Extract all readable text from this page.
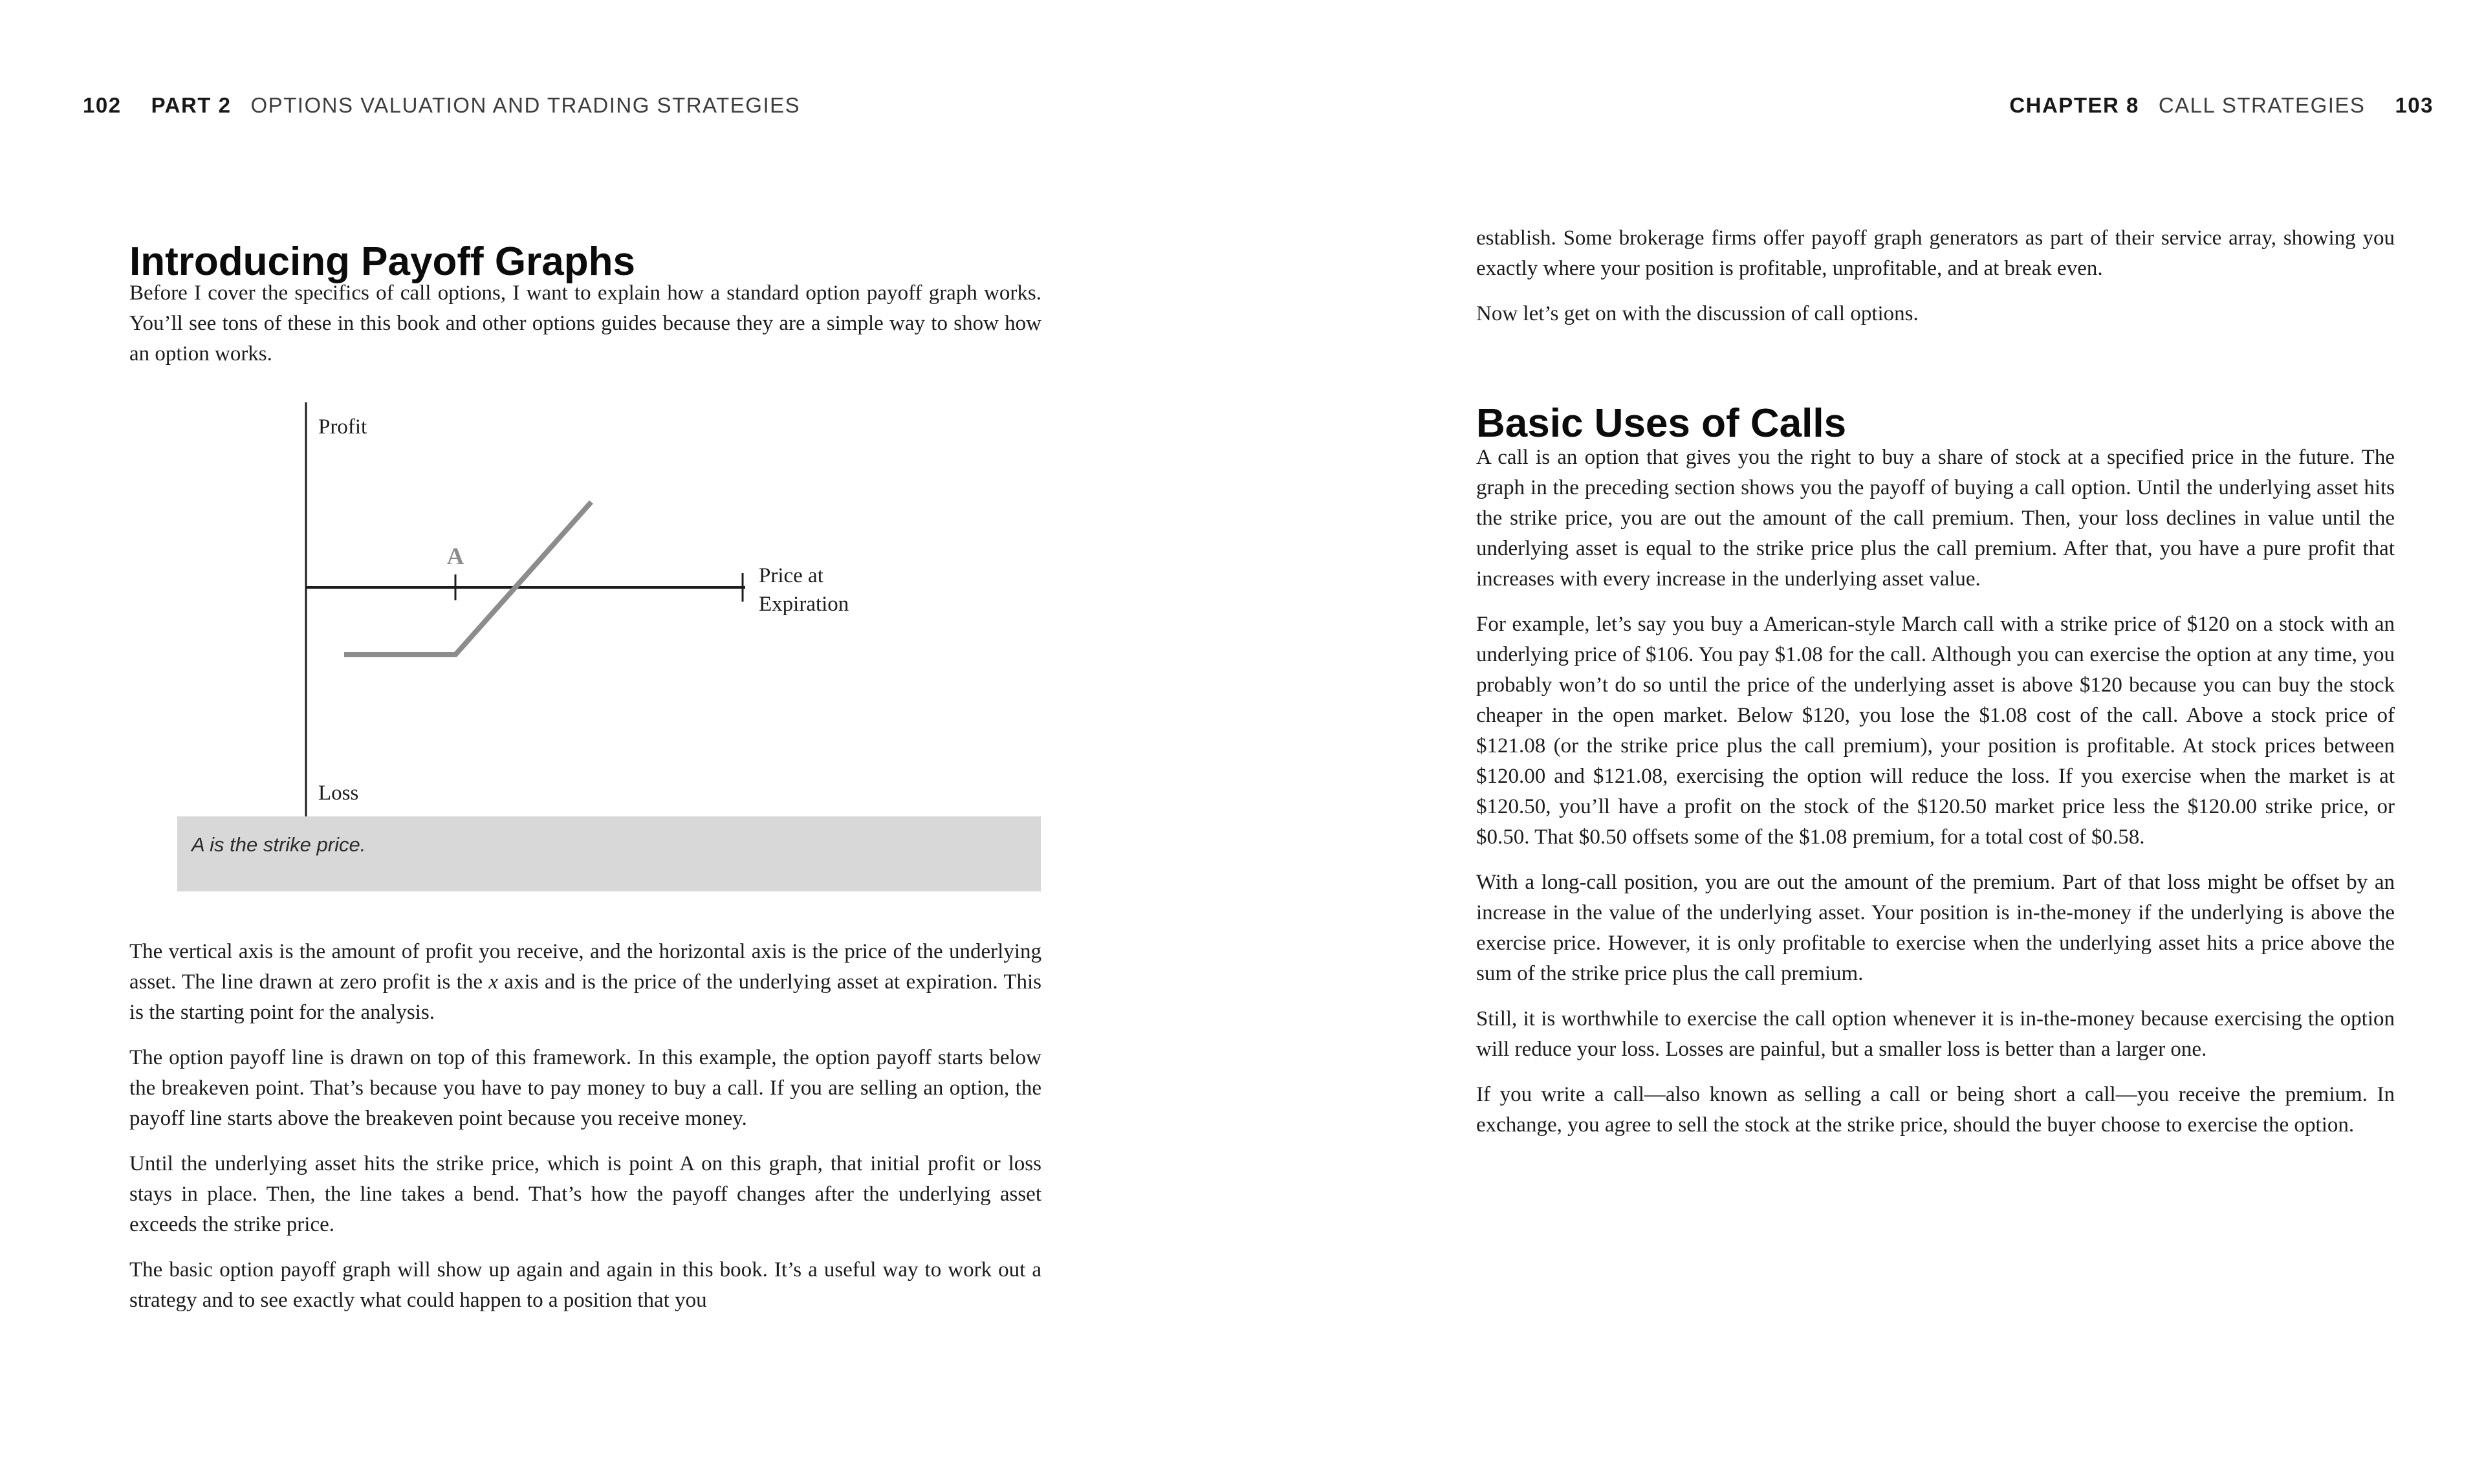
102 PART 2 OPTIONS VALUATION AND TRADING STRATEGIES	CHAPTER 8 CALL STRATEGIES 103
Introducing Payoff Graphs

Before I cover the specifics of call options, I want to explain how a standard option payoff graph works. You’ll see tons of these in this book and other options guides because they are a simple way to show how an option works.

Profit
Loss
A
Price at
Expiration
A is the strike price.

The vertical axis is the amount of profit you receive, and the horizontal axis is the price of the underlying asset. The line drawn at zero profit is the x axis and is the price of the underlying asset at expiration. This is the starting point for the analysis.

The option payoff line is drawn on top of this framework. In this example, the option payoff starts below the breakeven point. That’s because you have to pay money to buy a call. If you are selling an option, the payoff line starts above the breakeven point because you receive money.

Until the underlying asset hits the strike price, which is point A on this graph, that initial profit or loss stays in place. Then, the line takes a bend. That’s how the payoff changes after the underlying asset exceeds the strike price.

The basic option payoff graph will show up again and again in this book. It’s a useful way to work out a strategy and to see exactly what could happen to a position that you

establish. Some brokerage firms offer payoff graph generators as part of their service array, showing you exactly where your position is profitable, unprofitable, and at break even.

Now let’s get on with the discussion of call options.

Basic Uses of Calls

A call is an option that gives you the right to buy a share of stock at a specified price in the future. The graph in the preceding section shows you the payoff of buying a call option. Until the underlying asset hits the strike price, you are out the amount of the call premium. Then, your loss declines in value until the underlying asset is equal to the strike price plus the call premium. After that, you have a pure profit that increases with every increase in the underlying asset value.

For example, let’s say you buy a American-style March call with a strike price of $120 on a stock with an underlying price of $106. You pay $1.08 for the call. Although you can exercise the option at any time, you probably won’t do so until the price of the underlying asset is above $120 because you can buy the stock cheaper in the open market. Below $120, you lose the $1.08 cost of the call. Above a stock price of $121.08 (or the strike price plus the call premium), your position is profitable. At stock prices between $120.00 and $121.08, exercising the option will reduce the loss. If you exercise when the market is at $120.50, you’ll have a profit on the stock of the $120.50 market price less the $120.00 strike price, or $0.50. That $0.50 offsets some of the $1.08 premium, for a total cost of $0.58.

With a long-call position, you are out the amount of the premium. Part of that loss might be offset by an increase in the value of the underlying asset. Your position is in-the-money if the underlying is above the exercise price. However, it is only profitable to exercise when the underlying asset hits a price above the sum of the strike price plus the call premium.

Still, it is worthwhile to exercise the call option whenever it is in-the-money because exercising the option will reduce your loss. Losses are painful, but a smaller loss is better than a larger one.

If you write a call—also known as selling a call or being short a call—you receive the premium. In exchange, you agree to sell the stock at the strike price, should the buyer choose to exercise the option.
